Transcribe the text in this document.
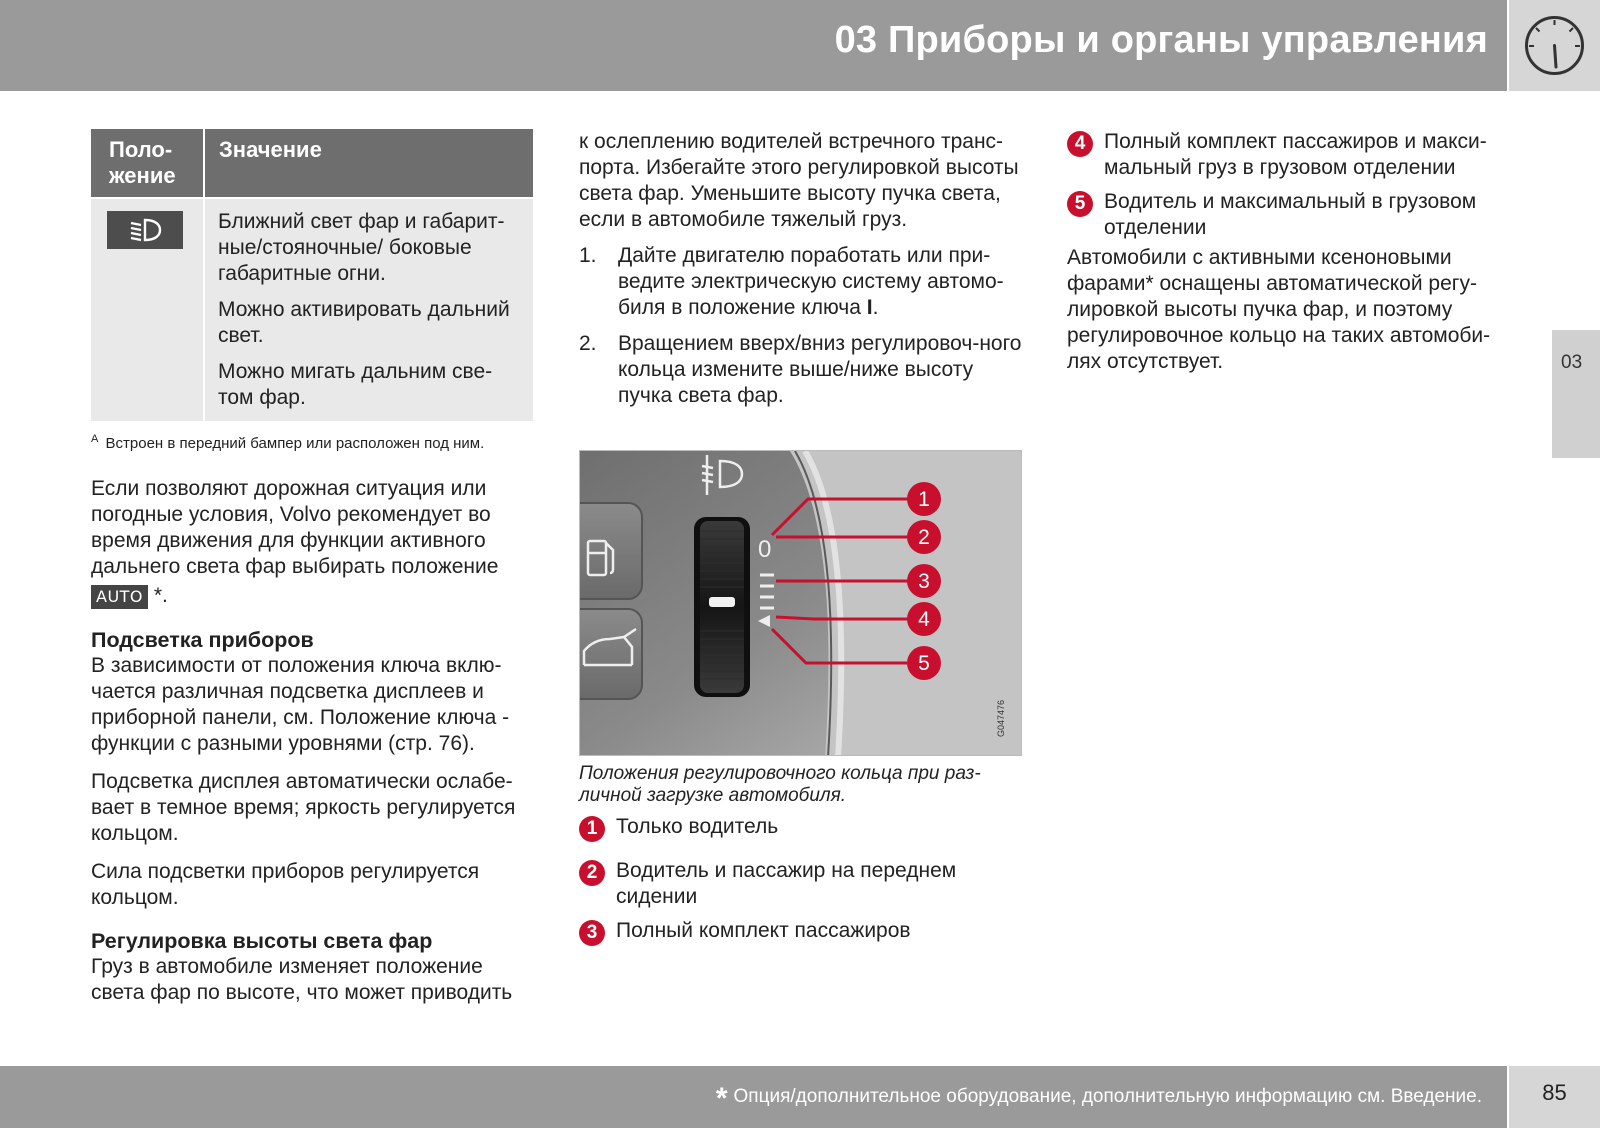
03 Приборы и органы управления
03
Поло-
жение	Значение

Ближний свет фар и габарит-ные/стояночные/ боковые габаритные огни.

Можно активировать дальний свет.

Можно мигать дальним све-том фар.

$^A$ Встроен в передний бампер или расположен под ним.

Если позволяют дорожная ситуация или погодные условия, Volvo рекомендует во время движения для функции активного дальнего света фар выбирать положение
AUTO *.

Подсветка приборов

В зависимости от положения ключа вклю-чается различная подсветка дисплеев и приборной панели, см. Положение ключа - функции с разными уровнями (стр. 76).

Подсветка дисплея автоматически ослабе-вает в темное время; яркость регулируется кольцом.

Сила подсветки приборов регулируется кольцом.

Регулировка высоты света фар

Груз в автомобиле изменяет положение света фар по высоте, что может приводить

к ослеплению водителей встречного транс-порта. Избегайте этого регулировкой высоты света фар. Уменьшите высоту пучка света, если в автомобиле тяжелый груз.

1. Дайте двигателю поработать или при-ведите электрическую систему автомо-биля в положение ключа I.
2. Вращением вверх/вниз регулировоч-ного кольца измените выше/ниже высоту пучка света фар.
0
1
2
3
4
5
G047476
Положения регулировочного кольца при раз-личной загрузке автомобиля.
1 Только водитель
2 Водитель и пассажир на переднем сидении
3 Полный комплект пассажиров
4 Полный комплект пассажиров и макси-мальный груз в грузовом отделении
5 Водитель и максимальный в грузовом отделении

Автомобили с активными ксеноновыми фарами* оснащены автоматической регу-лировкой высоты пучка фар, и поэтому регулировочное кольцо на таких автомоби-лях отсутствует.

* Опция/дополнительное оборудование, дополнительную информацию см. Введение.	85
